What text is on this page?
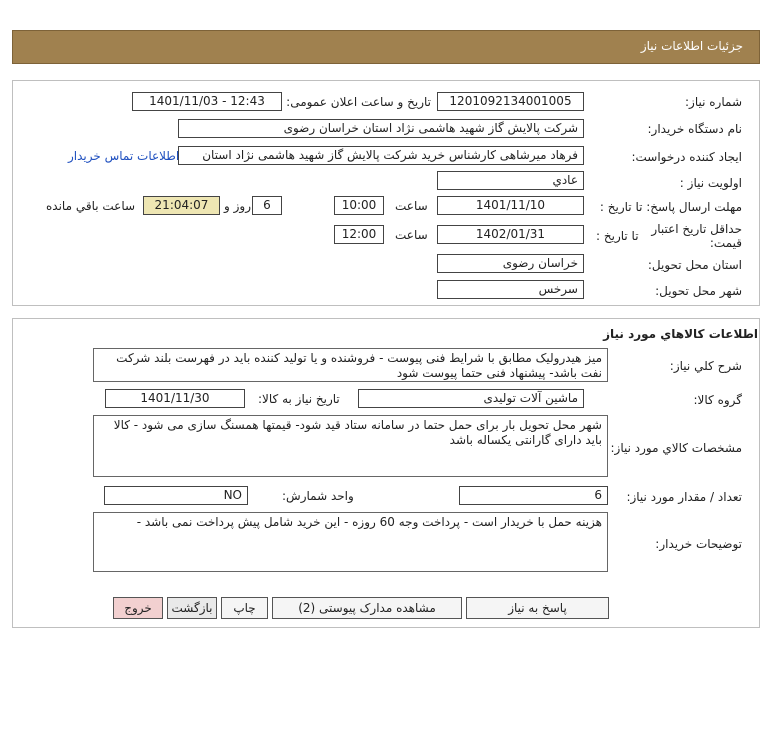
جزئیات اطلاعات نیاز
شماره نیاز:
1201092134001005
تاریخ و ساعت اعلان عمومی:
1401/11/03 - 12:43
نام دستگاه خریدار:
شرکت پالایش گاز شهید هاشمی نژاد استان خراسان رضوی
ایجاد کننده درخواست:
فرهاد میرشاهی کارشناس خرید شرکت پالایش گاز شهید هاشمی نژاد استان
اطلاعات تماس خریدار
اولویت نیاز :
عادي
مهلت ارسال پاسخ: تا تاریخ :
1401/11/10
ساعت
10:00
6
روز و
21:04:07
ساعت باقي مانده
حداقل تاریخ اعتبار قیمت:
تا تاریخ :
1402/01/31
ساعت
12:00
استان محل تحویل:
خراسان رضوی
شهر محل تحویل:
سرخس
اطلاعات کالاهاي مورد نياز
شرح کلي نياز:
میز هیدرولیک مطابق با شرایط فنی پیوست - فروشنده و یا تولید کننده باید در فهرست بلند شرکت نفت باشد- پیشنهاد فنی حتما پیوست شود
گروه کالا:
ماشین آلات تولیدی
تاریخ نیاز به کالا:
1401/11/30
مشخصات کالاي مورد نياز:
شهر محل تحویل بار برای حمل حتما در سامانه ستاد قید شود- قیمتها همسنگ سازی می شود - کالا باید دارای گارانتی یکساله باشد
تعداد / مقدار مورد نیاز:
6
واحد شمارش:
NO
توضیحات خریدار:
هزینه حمل با خریدار است - پرداخت وجه 60 روزه - این خرید شامل پیش پرداخت نمی باشد -
پاسخ به نیاز
مشاهده مدارک پیوستی (2)
چاپ
بازگشت
خروج
